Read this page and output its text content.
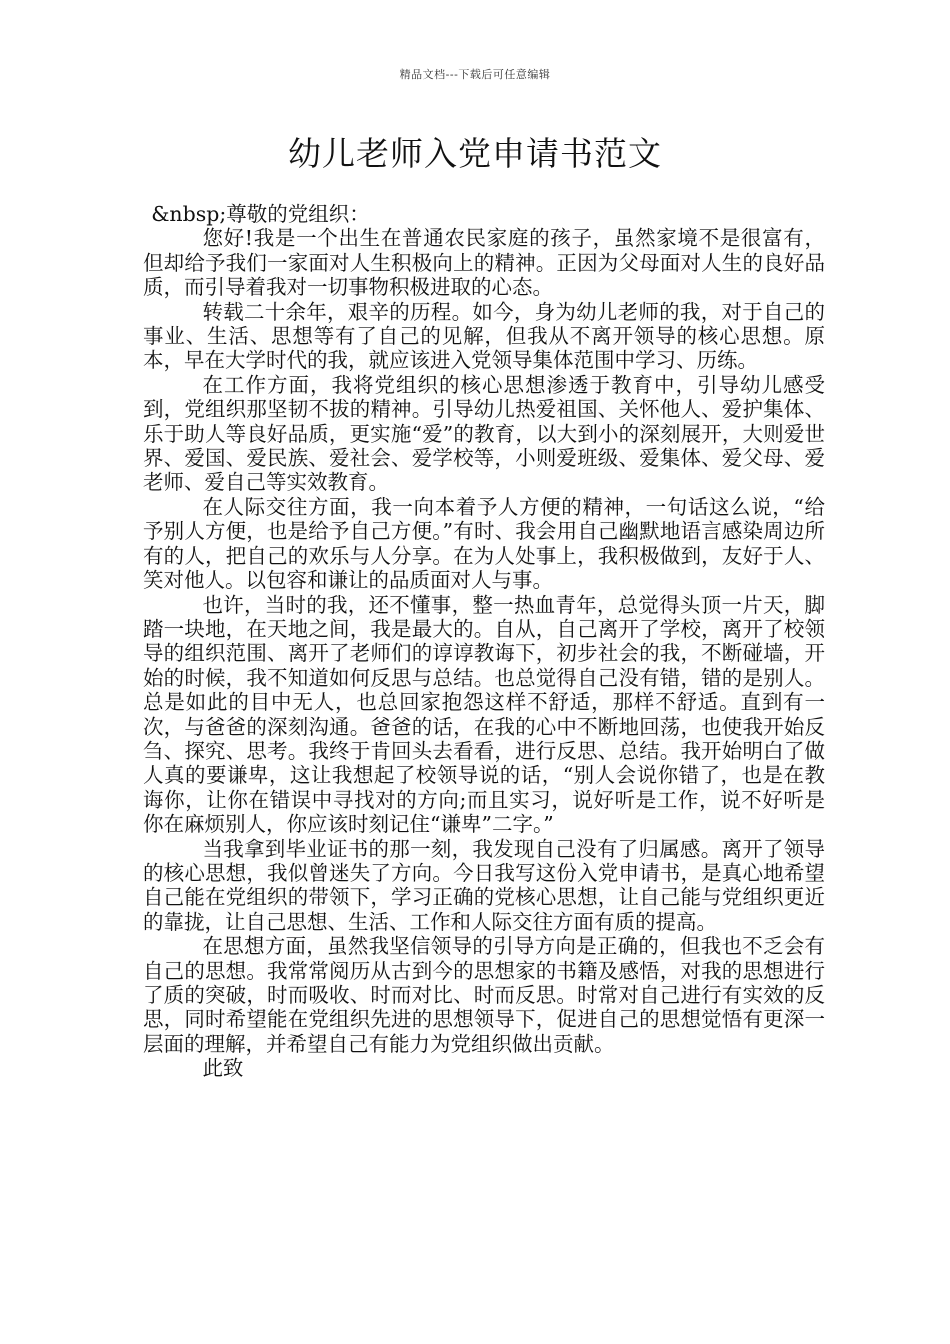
精品文档---下载后可任意编辑
幼儿老师入党申请书范文

&nbsp;尊敬的党组织：

您好!我是一个出生在普通农民家庭的孩子，虽然家境不是很富有，但却给予我们一家面对人生积极向上的精神。正因为父母面对人生的良好品质，而引导着我对一切事物积极进取的心态。

转载二十余年，艰辛的历程。如今，身为幼儿老师的我，对于自己的事业、生活、思想等有了自己的见解，但我从不离开领导的核心思想。原本，早在大学时代的我，就应该进入党领导集体范围中学习、历练。

在工作方面，我将党组织的核心思想渗透于教育中，引导幼儿感受到，党组织那坚韧不拔的精神。引导幼儿热爱祖国、关怀他人、爱护集体、乐于助人等良好品质，更实施“爱”的教育，以大到小的深刻展开，大则爱世界、爱国、爱民族、爱社会、爱学校等，小则爱班级、爱集体、爱父母、爱老师、爱自己等实效教育。

在人际交往方面，我一向本着予人方便的精神，一句话这么说，“给予别人方便，也是给予自己方便。”有时、我会用自己幽默地语言感染周边所有的人，把自己的欢乐与人分享。在为人处事上，我积极做到，友好于人、笑对他人。以包容和谦让的品质面对人与事。

也许，当时的我，还不懂事，整一热血青年，总觉得头顶一片天，脚踏一块地，在天地之间，我是最大的。自从，自己离开了学校，离开了校领导的组织范围、离开了老师们的谆谆教诲下，初步社会的我，不断碰墙，开始的时候，我不知道如何反思与总结。也总觉得自己没有错，错的是别人。总是如此的目中无人，也总回家抱怨这样不舒适，那样不舒适。直到有一次，与爸爸的深刻沟通。爸爸的话，在我的心中不断地回荡，也使我开始反刍、探究、思考。我终于肯回头去看看，进行反思、总结。我开始明白了做人真的要谦卑，这让我想起了校领导说的话，“别人会说你错了，也是在教诲你，让你在错误中寻找对的方向;而且实习，说好听是工作，说不好听是你在麻烦别人，你应该时刻记住“谦卑”二字。”

当我拿到毕业证书的那一刻，我发现自己没有了归属感。离开了领导的核心思想，我似曾迷失了方向。今日我写这份入党申请书，是真心地希望自己能在党组织的带领下，学习正确的党核心思想，让自己能与党组织更近的靠拢，让自己思想、生活、工作和人际交往方面有质的提高。

在思想方面，虽然我坚信领导的引导方向是正确的，但我也不乏会有自己的思想。我常常阅历从古到今的思想家的书籍及感悟，对我的思想进行了质的突破，时而吸收、时而对比、时而反思。时常对自己进行有实效的反思，同时希望能在党组织先进的思想领导下，促进自己的思想觉悟有更深一层面的理解，并希望自己有能力为党组织做出贡献。

此致
